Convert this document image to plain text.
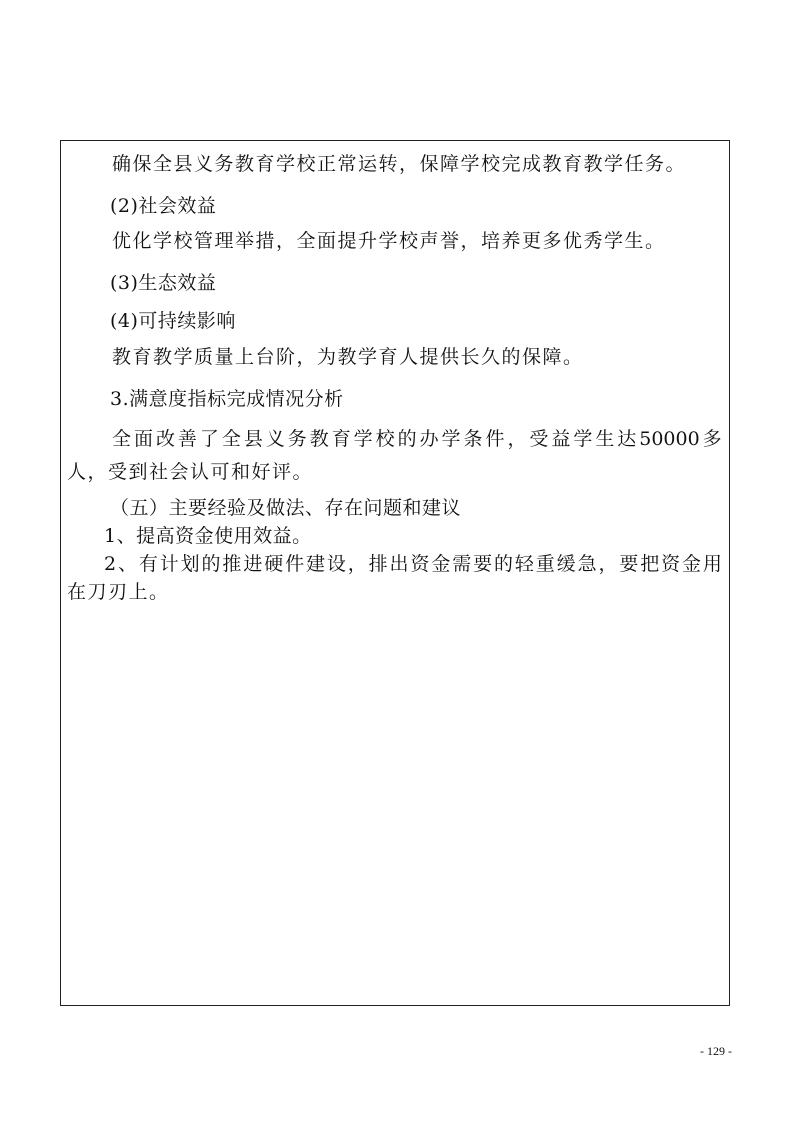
确保全县义务教育学校正常运转，保障学校完成教育教学任务。
(2)社会效益
优化学校管理举措，全面提升学校声誉，培养更多优秀学生。
(3)生态效益
(4)可持续影响
教育教学质量上台阶，为教学育人提供长久的保障。
3.满意度指标完成情况分析
全 面 改 善 了 全 县 义 务 教 育 学 校 的 办 学 条 件 ， 受 益 学 生 达 50000 多
人，受到社会认可和好评。
（五）主要经验及做法、存在问题和建议
1、提高资金使用效益。
2 、 有 计 划 的 推 进 硬 件 建 设 ， 排 出 资 金 需 要 的 轻 重 缓 急 ， 要 把 资 金 用
在刀刃上。
- 129 -
